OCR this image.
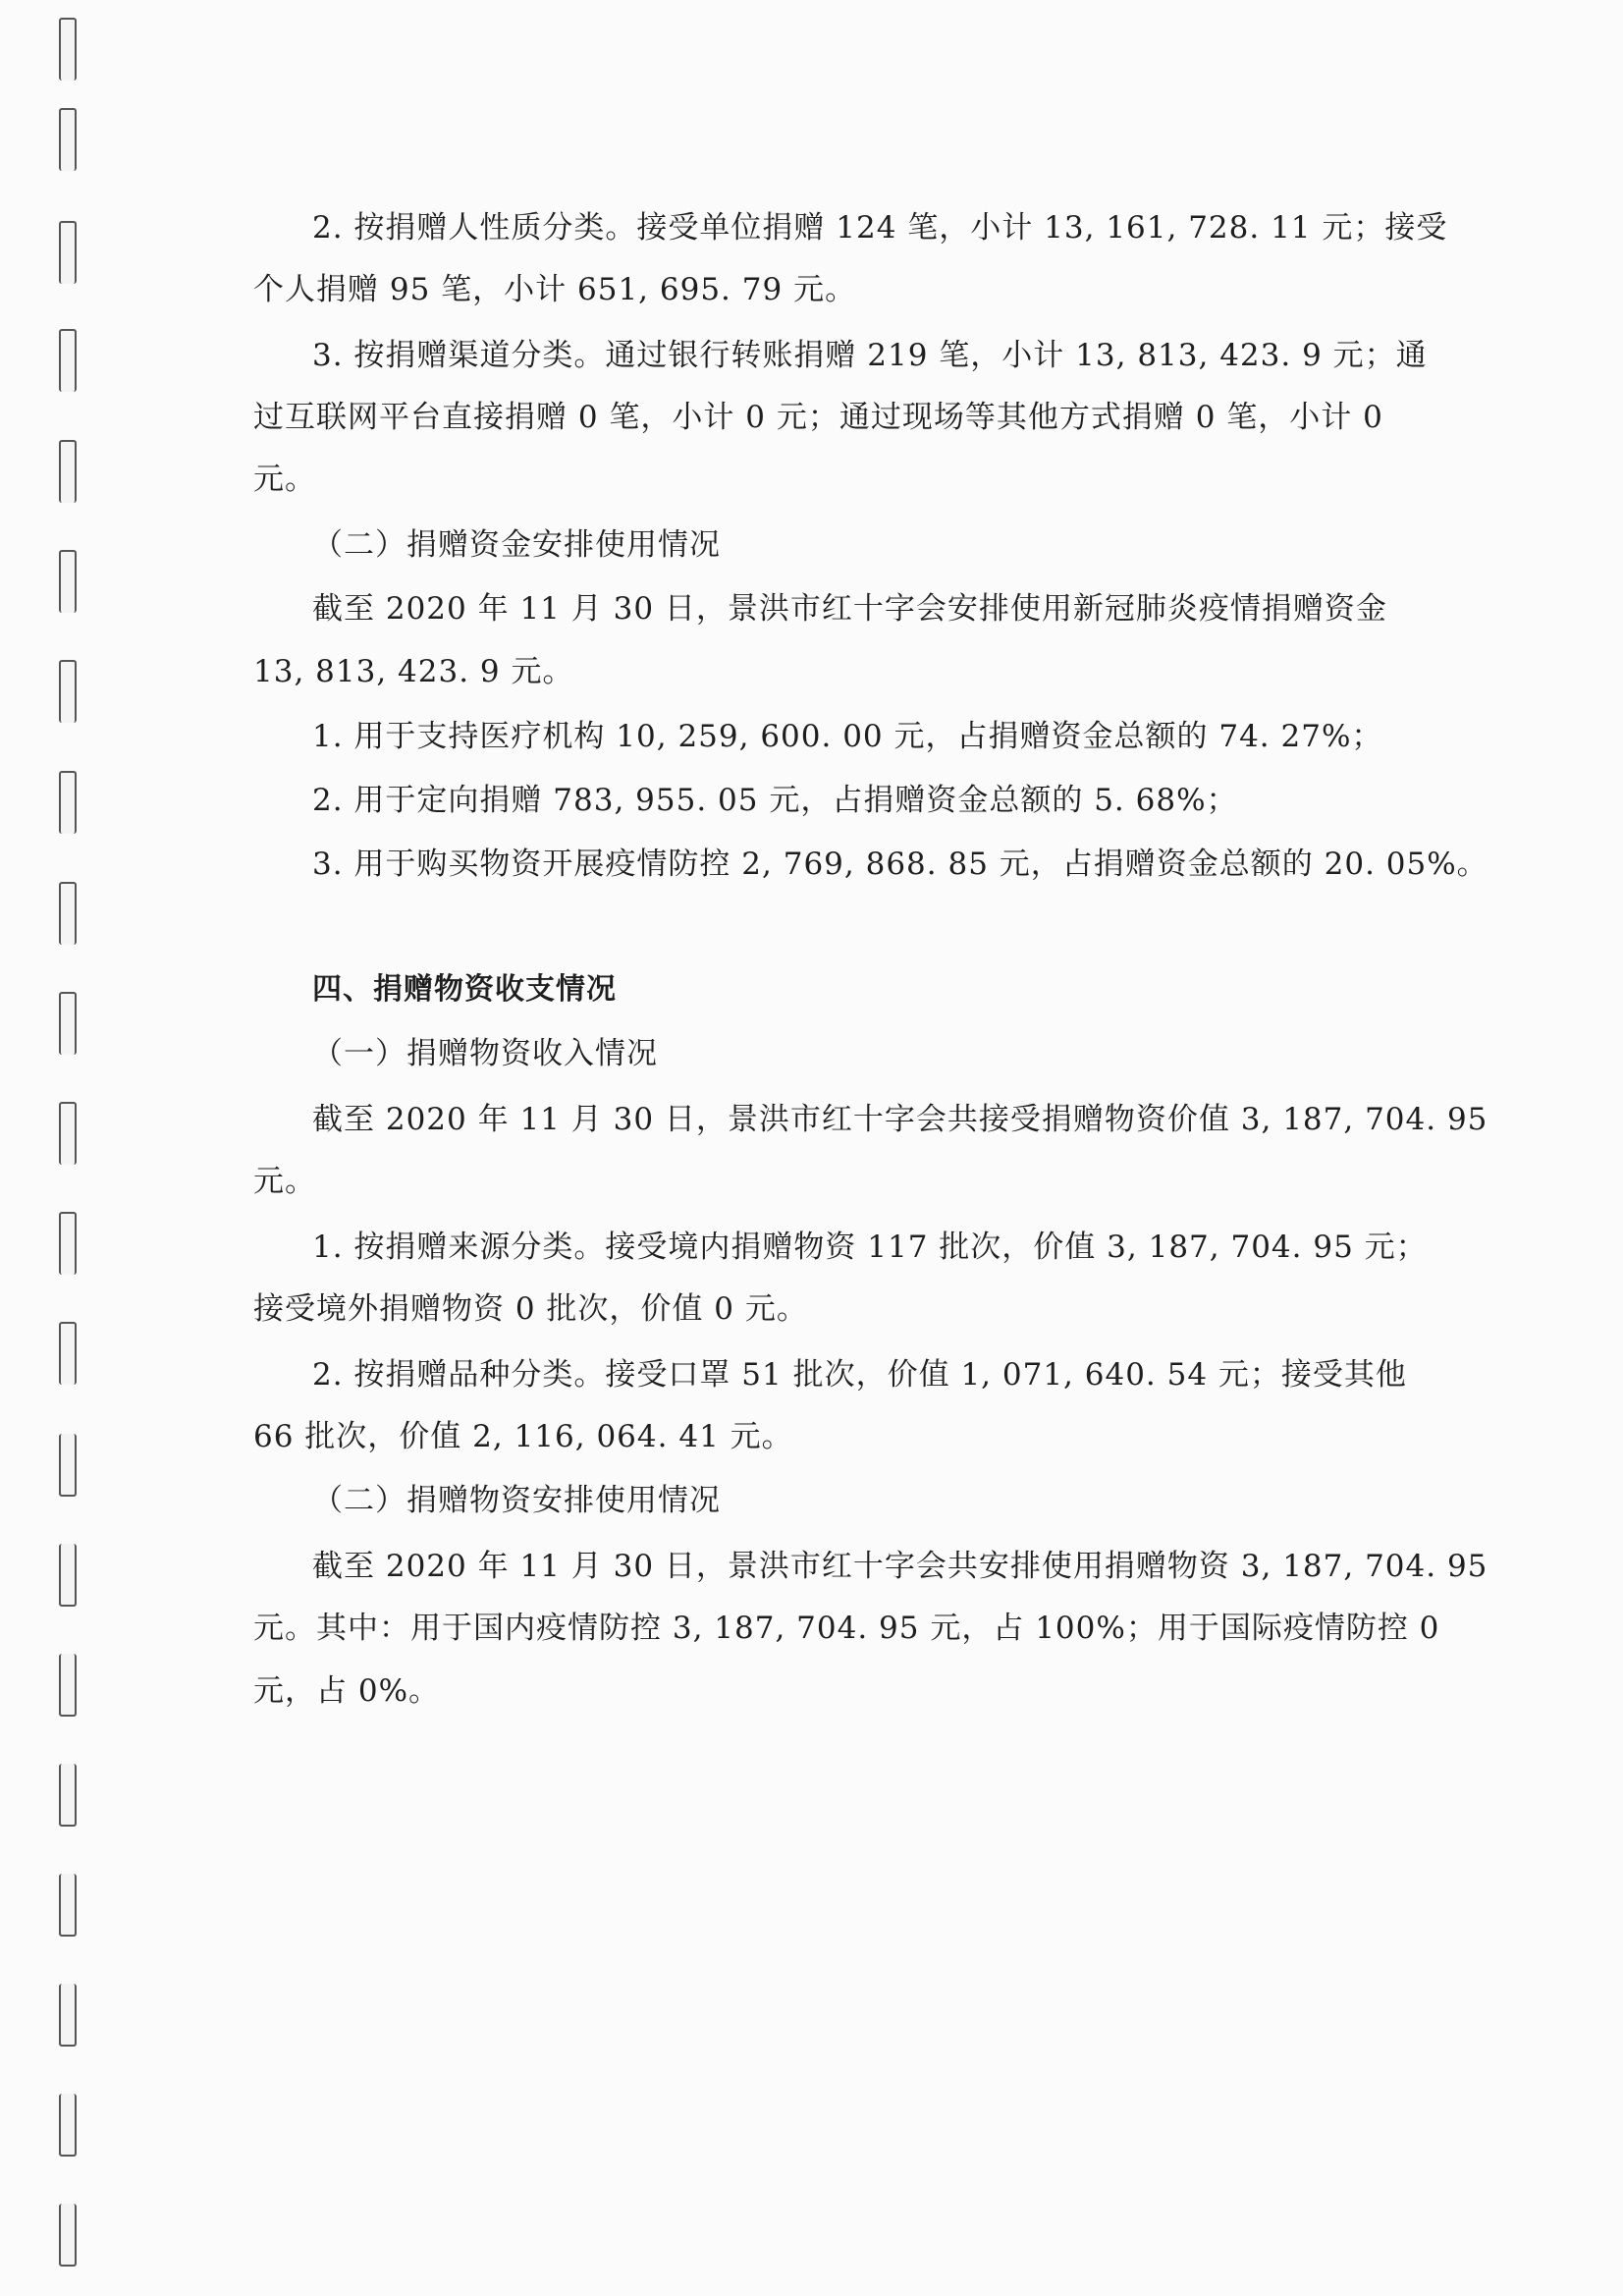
2. 按捐赠人性质分类。接受单位捐赠 124 笔，小计 13, 161, 728. 11 元；接受
个人捐赠 95 笔，小计 651, 695. 79 元。
3. 按捐赠渠道分类。通过银行转账捐赠 219 笔，小计 13, 813, 423. 9 元；通
过互联网平台直接捐赠 0 笔，小计 0 元；通过现场等其他方式捐赠 0 笔，小计 0
元。
（二）捐赠资金安排使用情况
截至 2020 年 11 月 30 日，景洪市红十字会安排使用新冠肺炎疫情捐赠资金
13, 813, 423. 9 元。
1. 用于支持医疗机构 10, 259, 600. 00 元，占捐赠资金总额的 74. 27%；
2. 用于定向捐赠 783, 955. 05 元，占捐赠资金总额的 5. 68%；
3. 用于购买物资开展疫情防控 2, 769, 868. 85 元，占捐赠资金总额的 20. 05%。
四、捐赠物资收支情况
（一）捐赠物资收入情况
截至 2020 年 11 月 30 日，景洪市红十字会共接受捐赠物资价值 3, 187, 704. 95
元。
1. 按捐赠来源分类。接受境内捐赠物资 117 批次，价值 3, 187, 704. 95 元；
接受境外捐赠物资 0 批次，价值 0 元。
2. 按捐赠品种分类。接受口罩 51 批次，价值 1, 071, 640. 54 元；接受其他
66 批次，价值 2, 116, 064. 41 元。
（二）捐赠物资安排使用情况
截至 2020 年 11 月 30 日，景洪市红十字会共安排使用捐赠物资 3, 187, 704. 95
元。其中：用于国内疫情防控 3, 187, 704. 95 元，占 100%；用于国际疫情防控 0
元，占 0%。
